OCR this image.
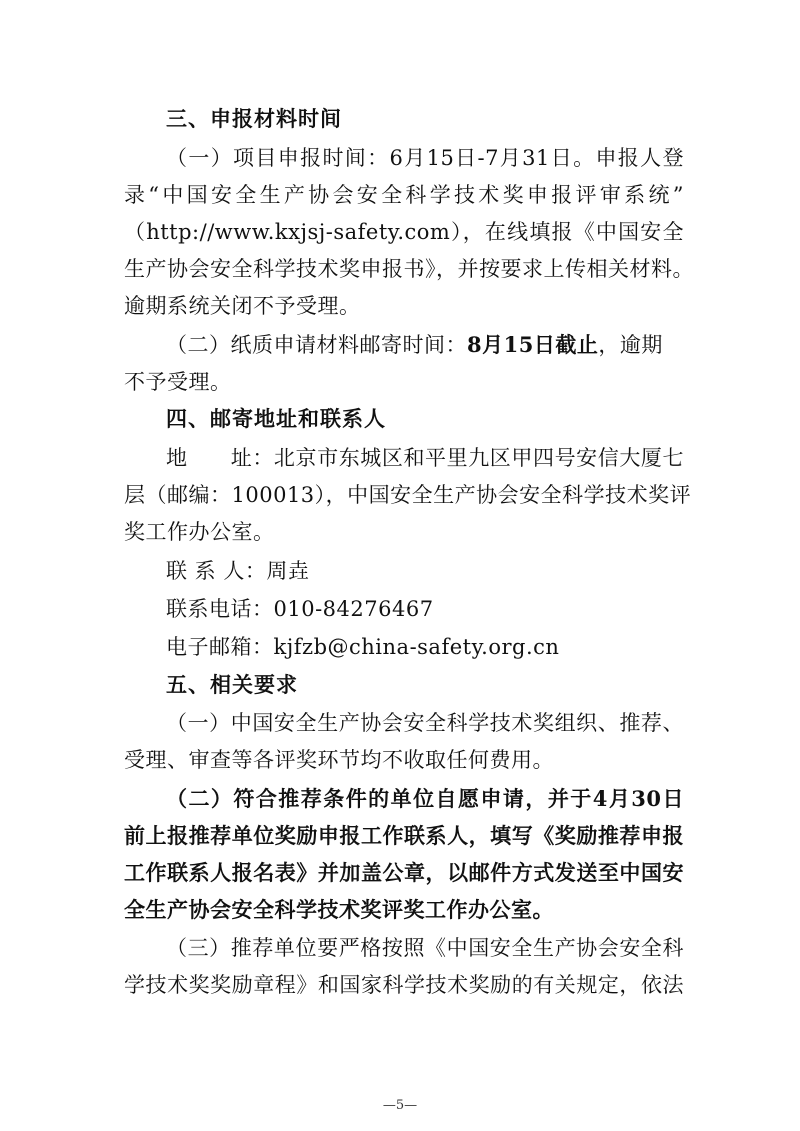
三、申报材料时间
（一）项目申报时间：6月15日-7月31日。申报人登
录“中国安全生产协会安全科学技术奖申报评审系统”
（http://www.kxjsj-safety.com），在线填报《中国安全
生产协会安全科学技术奖申报书》，并按要求上传相关材料。
逾期系统关闭不予受理。
（二）纸质申请材料邮寄时间：8月15日截止，逾期
不予受理。
四、邮寄地址和联系人
地　　址：北京市东城区和平里九区甲四号安信大厦七
层（邮编：100013），中国安全生产协会安全科学技术奖评
奖工作办公室。
联 系 人：周垚
联系电话：010-84276467
电子邮箱：kjfzb@china-safety.org.cn
五、相关要求
（一）中国安全生产协会安全科学技术奖组织、推荐、
受理、审查等各评奖环节均不收取任何费用。
（二）符合推荐条件的单位自愿申请，并于4月30日
前上报推荐单位奖励申报工作联系人，填写《奖励推荐申报
工作联系人报名表》并加盖公章，以邮件方式发送至中国安
全生产协会安全科学技术奖评奖工作办公室。
（三）推荐单位要严格按照《中国安全生产协会安全科
学技术奖奖励章程》和国家科学技术奖励的有关规定，依法
—5—
